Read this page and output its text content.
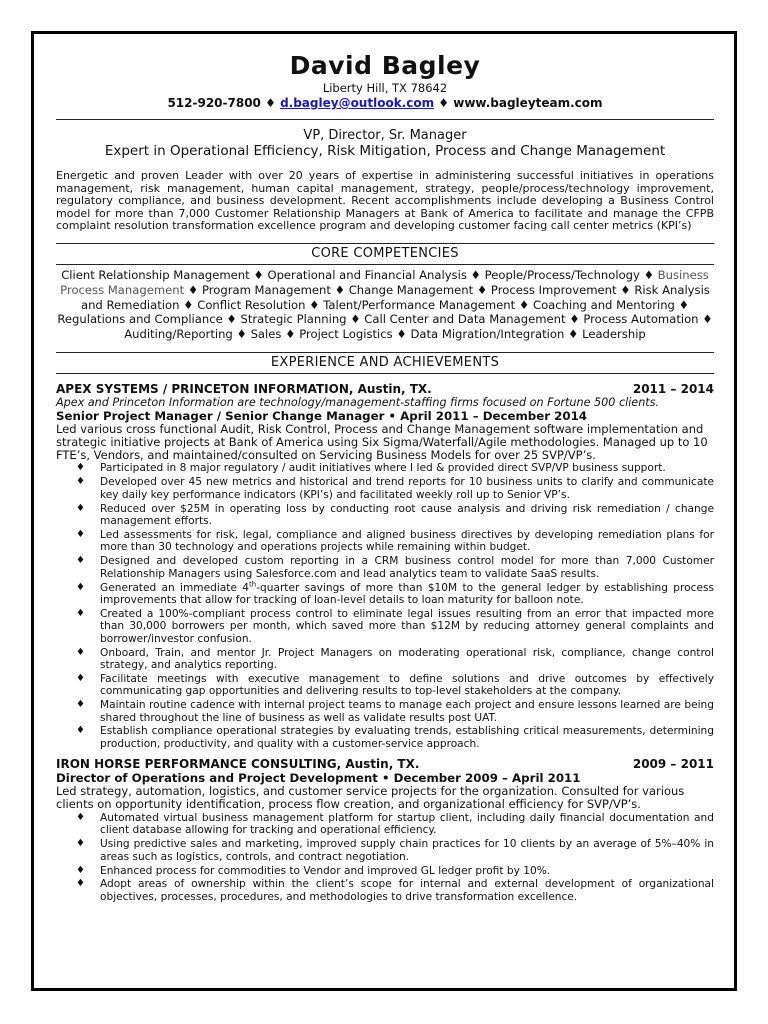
David Bagley
Liberty Hill, TX 78642
512-920-7800 ♦ d.bagley@outlook.com ♦ www.bagleyteam.com
VP, Director, Sr. Manager
Expert in Operational Efficiency, Risk Mitigation, Process and Change Management
Energetic and proven Leader with over 20 years of expertise in administering successful initiatives in operations management, risk management, human capital management, strategy, people/process/technology improvement, regulatory compliance, and business development. Recent accomplishments include developing a Business Control model for more than 7,000 Customer Relationship Managers at Bank of America to facilitate and manage the CFPB complaint resolution transformation excellence program and developing customer facing call center metrics (KPI’s)
CORE COMPETENCIES
Client Relationship Management ♦ Operational and Financial Analysis ♦ People/Process/Technology ♦ Business Process Management ♦ Program Management ♦ Change Management ♦ Process Improvement ♦ Risk Analysis and Remediation ♦ Conflict Resolution ♦ Talent/Performance Management ♦ Coaching and Mentoring ♦ Regulations and Compliance ♦ Strategic Planning ♦ Call Center and Data Management ♦ Process Automation ♦ Auditing/Reporting ♦ Sales ♦ Project Logistics ♦ Data Migration/Integration ♦ Leadership
EXPERIENCE AND ACHIEVEMENTS
APEX SYSTEMS / PRINCETON INFORMATION, Austin, TX.	2011 – 2014
Apex and Princeton Information are technology/management-staffing firms focused on Fortune 500 clients.
Senior Project Manager / Senior Change Manager • April 2011 – December 2014
Led various cross functional Audit, Risk Control, Process and Change Management software implementation and strategic initiative projects at Bank of America using Six Sigma/Waterfall/Agile methodologies. Managed up to 10 FTE’s, Vendors, and maintained/consulted on Servicing Business Models for over 25 SVP/VP’s.
♦ Participated in 8 major regulatory / audit initiatives where I led & provided direct SVP/VP business support.
♦ Developed over 45 new metrics and historical and trend reports for 10 business units to clarify and communicate key daily key performance indicators (KPI’s) and facilitated weekly roll up to Senior VP’s.
♦ Reduced over $25M in operating loss by conducting root cause analysis and driving risk remediation / change management efforts.
♦ Led assessments for risk, legal, compliance and aligned business directives by developing remediation plans for more than 30 technology and operations projects while remaining within budget.
♦ Designed and developed custom reporting in a CRM business control model for more than 7,000 Customer Relationship Managers using Salesforce.com and lead analytics team to validate SaaS results.
♦ Generated an immediate 4th-quarter savings of more than $10M to the general ledger by establishing process improvements that allow for tracking of loan-level details to loan maturity for balloon note.
♦ Created a 100%-compliant process control to eliminate legal issues resulting from an error that impacted more than 30,000 borrowers per month, which saved more than $12M by reducing attorney general complaints and borrower/investor confusion.
♦ Onboard, Train, and mentor Jr. Project Managers on moderating operational risk, compliance, change control strategy, and analytics reporting.
♦ Facilitate meetings with executive management to define solutions and drive outcomes by effectively communicating gap opportunities and delivering results to top-level stakeholders at the company.
♦ Maintain routine cadence with internal project teams to manage each project and ensure lessons learned are being shared throughout the line of business as well as validate results post UAT.
♦ Establish compliance operational strategies by evaluating trends, establishing critical measurements, determining production, productivity, and quality with a customer-service approach.
IRON HORSE PERFORMANCE CONSULTING, Austin, TX.	2009 – 2011
Director of Operations and Project Development • December 2009 – April 2011
Led strategy, automation, logistics, and customer service projects for the organization. Consulted for various clients on opportunity identification, process flow creation, and organizational efficiency for SVP/VP’s.
♦ Automated virtual business management platform for startup client, including daily financial documentation and client database allowing for tracking and operational efficiency.
♦ Using predictive sales and marketing, improved supply chain practices for 10 clients by an average of 5%–40% in areas such as logistics, controls, and contract negotiation.
♦ Enhanced process for commodities to Vendor and improved GL ledger profit by 10%.
♦ Adopt areas of ownership within the client’s scope for internal and external development of organizational objectives, processes, procedures, and methodologies to drive transformation excellence.
